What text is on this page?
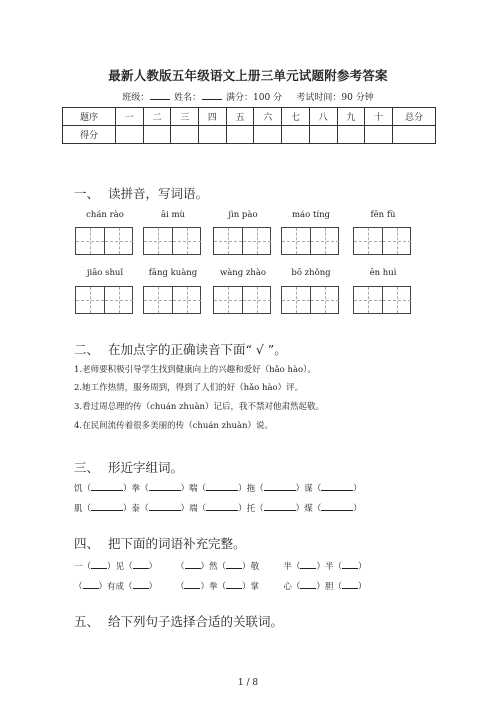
最新人教版五年级语文上册三单元试题附参考答案
班级：	姓名：	满分：100 分 考试时间：90 分钟
题序	一	二	三	四	五	六	七	八	九	十	总分
得分											
一、 读拼音，写词语。
chán rào	āi mù	jìn pào	máo tíng	fēn fù
jiāo shuǐ	fāng kuàng	wàng zhào	bō zhǒng	ēn huì
二、 在加点字的正确读音下面“ √ ”。
1.老师要积极引导学生找到健康向上的兴趣和爱好（hǎo hào）。
2.她工作热情，服务周到，得到了人们的好（hǎo hào）评。
3.看过周总理的传（chuán zhuàn）记后，我不禁对他肃然起敬。
4.在民间流传着很多美丽的传（chuán zhuàn）说。
三、 形近字组词。
饥（	）拳（	）喘（	）拖（	）谋（	）
肌（	）泰（	）端（	）托（	）煤（	）
四、 把下面的词语补充完整。
一（ ）见（ ）       （ ）然（ ）敬	半（ ）半（ ）
（ ）有成（ ）       （ ）拳（ ）掌	心（ ）胆（ ）
五、 给下列句子选择合适的关联词。
1 / 8
